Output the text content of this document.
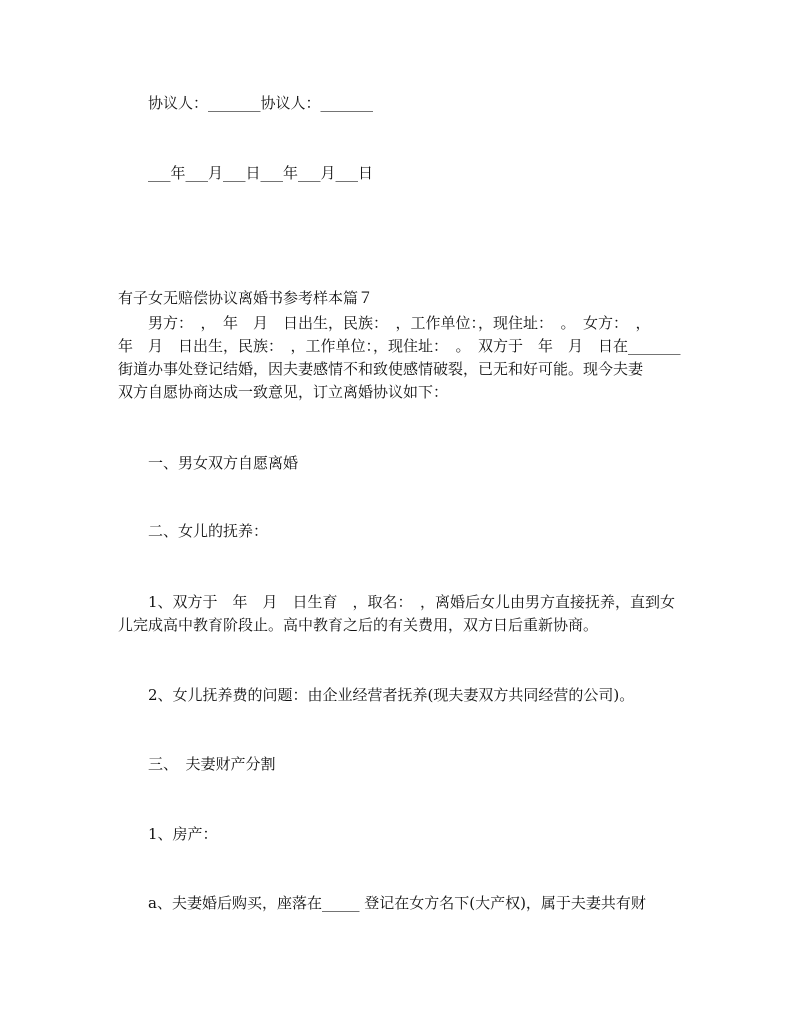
协议人：_______协议人：_______
___年___月___日___年___月___日
有子女无赔偿协议离婚书参考样本篇７
男方：　，　年　月　日出生，民族：　，工作单位：，现住址：　。　女方：　，
年　月　日出生，民族：　，工作单位：，现住址：　。　双方于　年　月　日在_______
街道办事处登记结婚，因夫妻感情不和致使感情破裂，已无和好可能。现今夫妻
双方自愿协商达成一致意见，订立离婚协议如下：
一、男女双方自愿离婚
二、女儿的抚养：
1、双方于　年　月　日生育　，取名：　，离婚后女儿由男方直接抚养，直到女
儿完成高中教育阶段止。高中教育之后的有关费用，双方日后重新协商。
2、女儿抚养费的问题：由企业经营者抚养(现夫妻双方共同经营的公司)。
三、　夫妻财产分割
1、房产：
a、夫妻婚后购买，座落在_____ 登记在女方名下(大产权)，属于夫妻共有财
